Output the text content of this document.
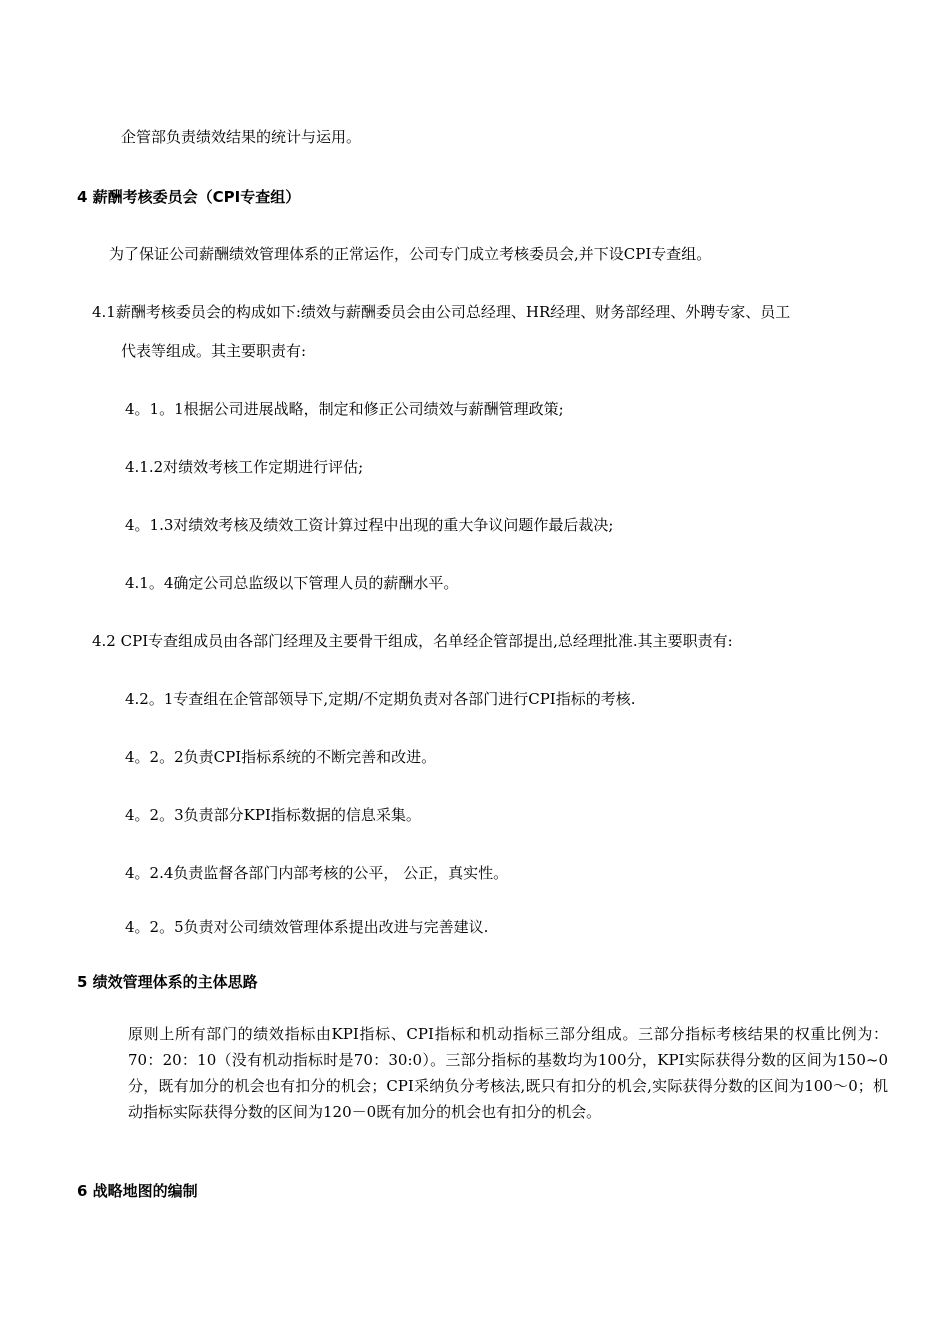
企管部负责绩效结果的统计与运用。
4 薪酬考核委员会（CPI专查组）
为了保证公司薪酬绩效管理体系的正常运作，公司专门成立考核委员会,并下设CPI专查组。
4.1薪酬考核委员会的构成如下:绩效与薪酬委员会由公司总经理、HR经理、财务部经理、外聘专家、员工
代表等组成。其主要职责有:
4。1。1根据公司进展战略，制定和修正公司绩效与薪酬管理政策;
4.1.2对绩效考核工作定期进行评估;
4。1.3对绩效考核及绩效工资计算过程中出现的重大争议问题作最后裁决;
4.1。4确定公司总监级以下管理人员的薪酬水平。
4.2 CPI专查组成员由各部门经理及主要骨干组成，名单经企管部提出,总经理批准.其主要职责有:
4.2。1专查组在企管部领导下,定期/不定期负责对各部门进行CPI指标的考核.
4。2。2负责CPI指标系统的不断完善和改进。
4。2。3负责部分KPI指标数据的信息采集。
4。2.4负责监督各部门内部考核的公平， 公正，真实性。
4。2。5负责对公司绩效管理体系提出改进与完善建议.
5 绩效管理体系的主体思路
原则上所有部门的绩效指标由KPI指标、CPI指标和机动指标三部分组成。三部分指标考核结果的权重比例为：70：20：10（没有机动指标时是70：30:0）。三部分指标的基数均为100分，KPI实际获得分数的区间为150~0分，既有加分的机会也有扣分的机会；CPI采纳负分考核法,既只有扣分的机会,实际获得分数的区间为100～0；机动指标实际获得分数的区间为120－0既有加分的机会也有扣分的机会。
6 战略地图的编制
